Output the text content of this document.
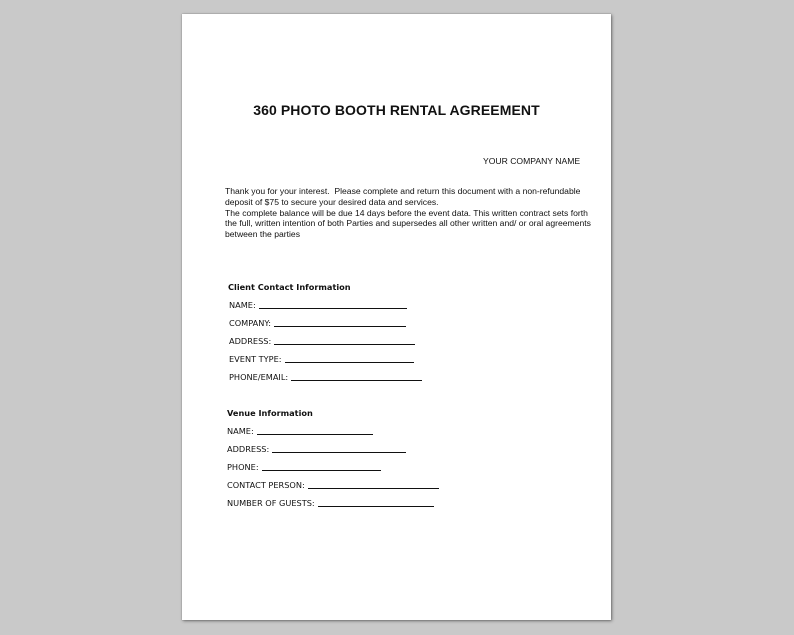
360 PHOTO BOOTH RENTAL AGREEMENT
YOUR COMPANY NAME

Thank you for your interest.  Please complete and return this document with a non-refundable deposit of $75 to secure your desired data and services.

The complete balance will be due 14 days before the event data. This written contract sets forth the full, written intention of both Parties and supersedes all other written and/ or oral agreements between the parties

Client Contact Information
NAME:
COMPANY:
ADDRESS:
EVENT TYPE:
PHONE/EMAIL:
Venue Information
NAME:
ADDRESS:
PHONE:
CONTACT PERSON:
NUMBER OF GUESTS:
